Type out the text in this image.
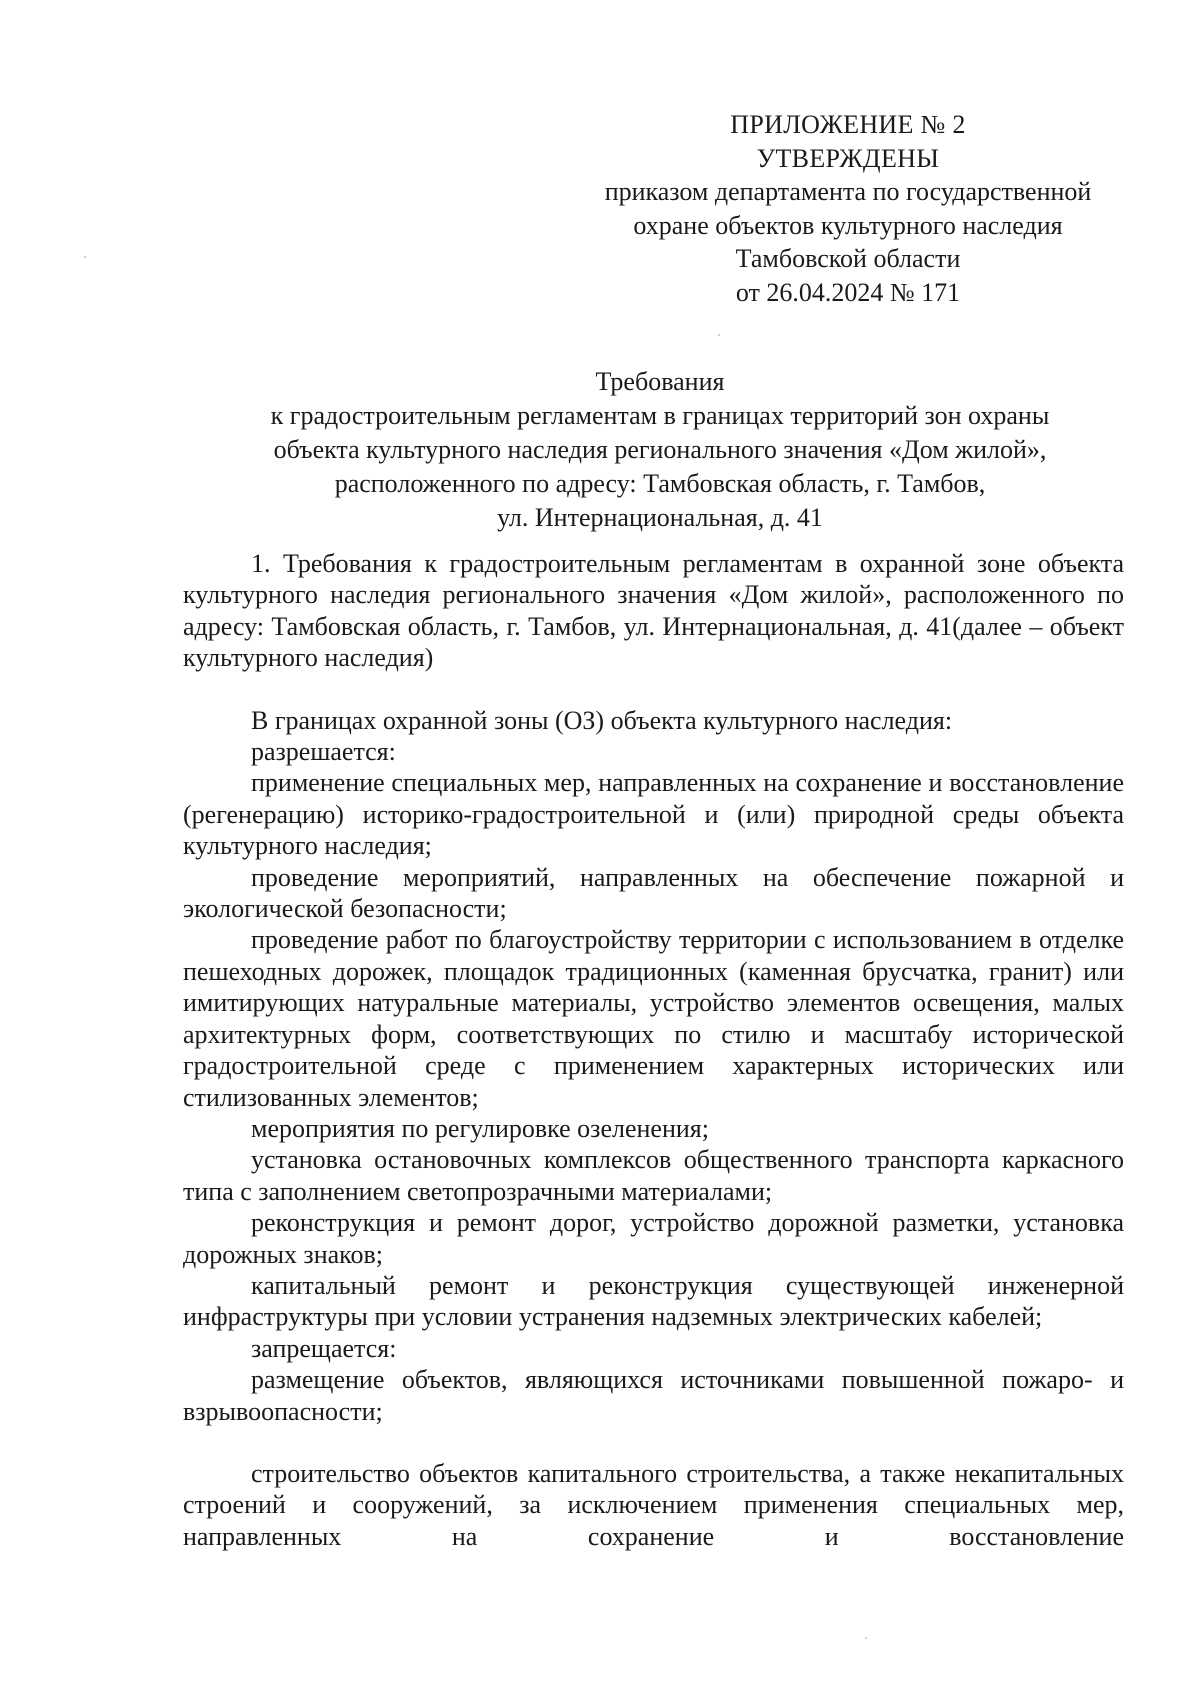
ПРИЛОЖЕНИЕ № 2
УТВЕРЖДЕНЫ
приказом департамента по государственной
охране объектов культурного наследия
Тамбовской области
от 26.04.2024 № 171
Требования
к градостроительным регламентам в границах территорий зон охраны
объекта культурного наследия регионального значения «Дом жилой»,
расположенного по адресу: Тамбовская область, г. Тамбов,
ул. Интернациональная, д. 41

1. Требования к градостроительным регламентам в охранной зоне объекта культурного наследия регионального значения «Дом жилой», расположенного по адресу: Тамбовская область, г. Тамбов, ул. Интернациональная, д. 41(далее – объект культурного наследия)

В границах охранной зоны (ОЗ) объекта культурного наследия:

разрешается:

применение специальных мер, направленных на сохранение и восстановление (регенерацию) историко-градостроительной и (или) природной среды объекта культурного наследия;

проведение мероприятий, направленных на обеспечение пожарной и экологической безопасности;

проведение работ по благоустройству территории с использованием в отделке пешеходных дорожек, площадок традиционных (каменная брусчатка, гранит) или имитирующих натуральные материалы, устройство элементов освещения, малых архитектурных форм, соответствующих по стилю и масштабу исторической градостроительной среде с применением характерных исторических или стилизованных элементов;

мероприятия по регулировке озеленения;

установка остановочных комплексов общественного транспорта каркасного типа с заполнением светопрозрачными материалами;

реконструкция и ремонт дорог, устройство дорожной разметки, установка дорожных знаков;

капитальный ремонт и реконструкция существующей инженерной инфраструктуры при условии устранения надземных электрических кабелей;

запрещается:

размещение объектов, являющихся источниками повышенной пожаро- и взрывоопасности;

строительство объектов капитального строительства, а также некапитальных строений и сооружений, за исключением применения специальных мер, направленных на сохранение и восстановление
